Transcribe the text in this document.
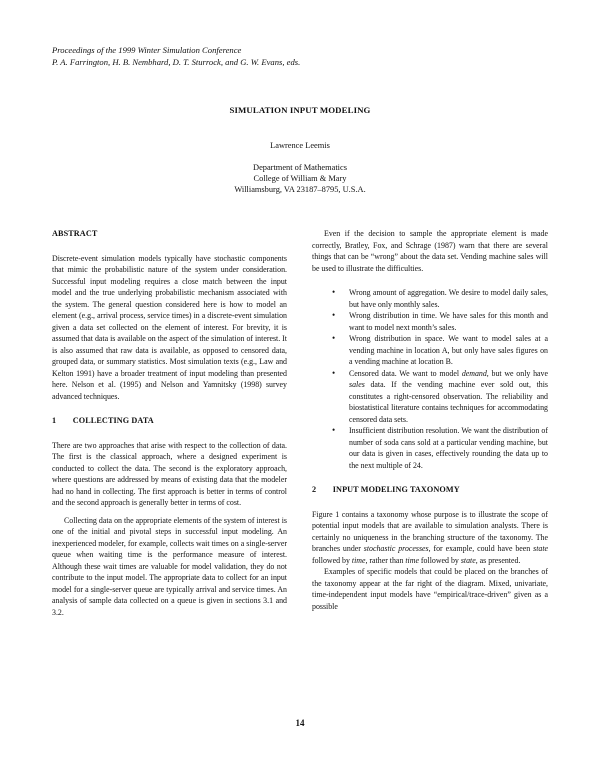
Proceedings of the 1999 Winter Simulation Conference
P. A. Farrington, H. B. Nembhard, D. T. Sturrock, and G. W. Evans, eds.
SIMULATION INPUT MODELING
Lawrence Leemis
Department of Mathematics
College of William & Mary
Williamsburg, VA 23187–8795, U.S.A.
ABSTRACT

Discrete-event simulation models typically have stochastic components that mimic the probabilistic nature of the system under consideration. Successful input modeling requires a close match between the input model and the true underlying probabilistic mechanism associated with the system. The general question considered here is how to model an element (e.g., arrival process, service times) in a discrete-event simulation given a data set collected on the element of interest. For brevity, it is assumed that data is available on the aspect of the simulation of interest. It is also assumed that raw data is available, as opposed to censored data, grouped data, or summary statistics. Most simulation texts (e.g., Law and Kelton 1991) have a broader treatment of input modeling than presented here. Nelson et al. (1995) and Nelson and Yamnitsky (1998) survey advanced techniques.

1  COLLECTING DATA

There are two approaches that arise with respect to the collection of data. The first is the classical approach, where a designed experiment is conducted to collect the data. The second is the exploratory approach, where questions are addressed by means of existing data that the modeler had no hand in collecting. The first approach is better in terms of control and the second approach is generally better in terms of cost.

Collecting data on the appropriate elements of the system of interest is one of the initial and pivotal steps in successful input modeling. An inexperienced modeler, for example, collects wait times on a single-server queue when waiting time is the performance measure of interest. Although these wait times are valuable for model validation, they do not contribute to the input model. The appropriate data to collect for an input model for a single-server queue are typically arrival and service times. An analysis of sample data collected on a queue is given in sections 3.1 and 3.2.

Even if the decision to sample the appropriate element is made correctly, Bratley, Fox, and Schrage (1987) warn that there are several things that can be “wrong” about the data set. Vending machine sales will be used to illustrate the difficulties.

• Wrong amount of aggregation. We desire to model daily sales, but have only monthly sales.
• Wrong distribution in time. We have sales for this month and want to model next month’s sales.
• Wrong distribution in space. We want to model sales at a vending machine in location A, but only have sales figures on a vending machine at location B.
• Censored data. We want to model demand, but we only have sales data. If the vending machine ever sold out, this constitutes a right-censored observation. The reliability and biostatistical literature contains techniques for accommodating censored data sets.
• Insufficient distribution resolution. We want the distribution of number of soda cans sold at a particular vending machine, but our data is given in cases, effectively rounding the data up to the next multiple of 24.
2  INPUT MODELING TAXONOMY

Figure 1 contains a taxonomy whose purpose is to illustrate the scope of potential input models that are available to simulation analysts. There is certainly no uniqueness in the branching structure of the taxonomy. The branches under stochastic processes, for example, could have been state followed by time, rather than time followed by state, as presented.

Examples of specific models that could be placed on the branches of the taxonomy appear at the far right of the diagram. Mixed, univariate, time-independent input models have “empirical/trace-driven” given as a possible

14
